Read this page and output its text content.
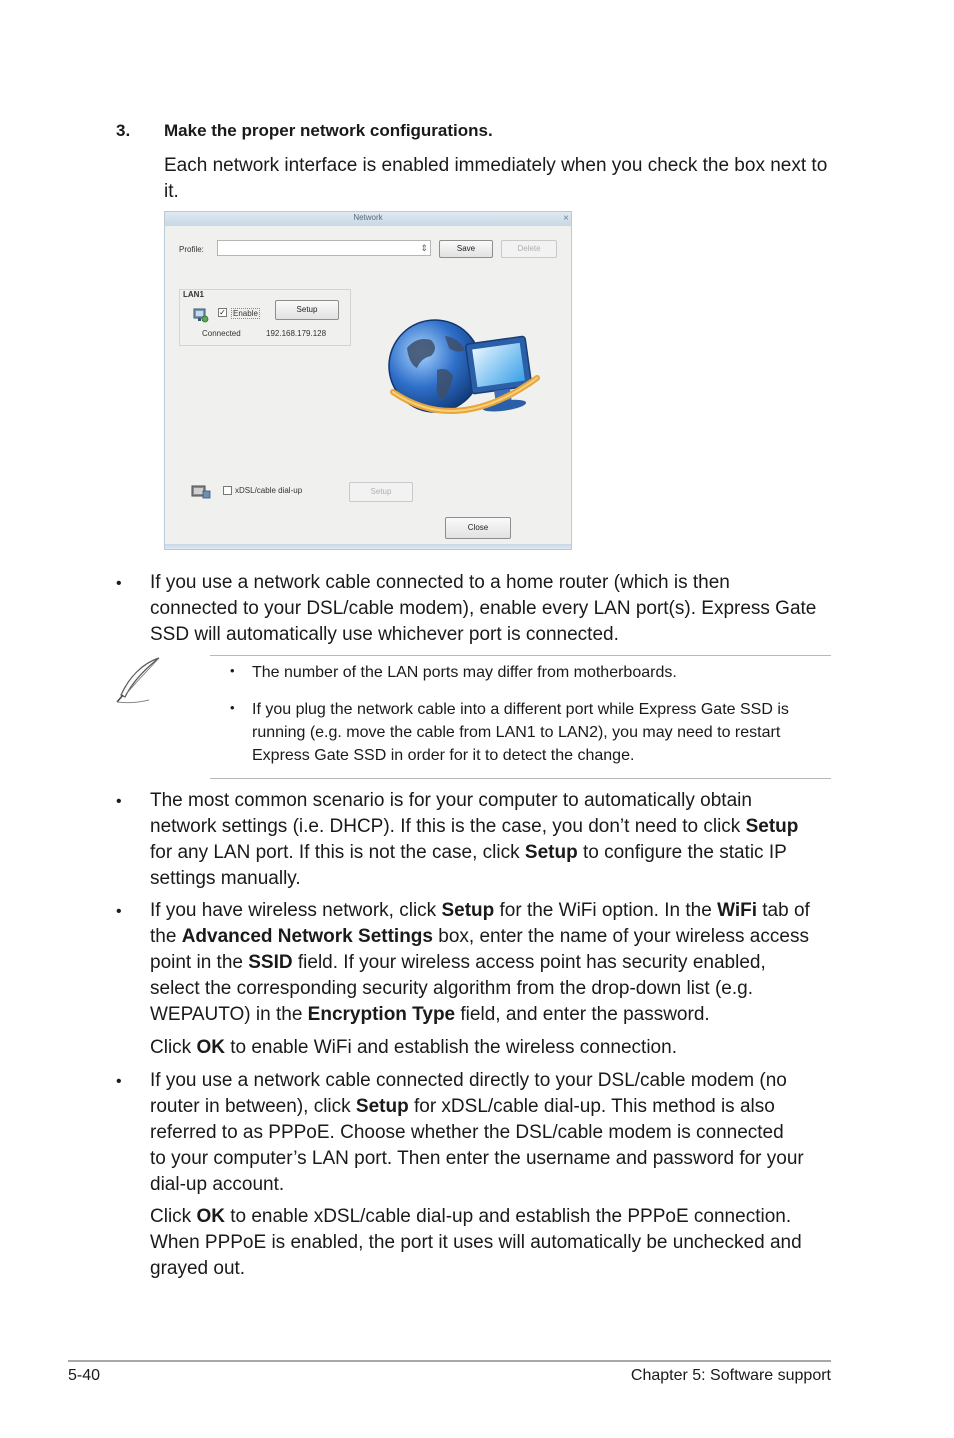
3. Make the proper network configurations.
Each network interface is enabled immediately when you check the box next to it.
Network	×
Profile:	⇕	Save	Delete
LAN1
✓ Enable	Setup
Connected	192.168.179.128
xDSL/cable dial-up	Setup
Close
• If you use a network cable connected to a home router (which is then
connected to your DSL/cable modem), enable every LAN port(s). Express Gate
SSD will automatically use whichever port is connected.
• The number of the LAN ports may differ from motherboards.
• If you plug the network cable into a different port while Express Gate SSD is
running (e.g. move the cable from LAN1 to LAN2), you may need to restart
Express Gate SSD in order for it to detect the change.
• The most common scenario is for your computer to automatically obtain
network settings (i.e. DHCP). If this is the case, you don’t need to click Setup
for any LAN port. If this is not the case, click Setup to configure the static IP
settings manually.
• If you have wireless network, click Setup for the WiFi option. In the WiFi tab of
the Advanced Network Settings box, enter the name of your wireless access
point in the SSID field. If your wireless access point has security enabled,
select the corresponding security algorithm from the drop-down list (e.g.
WEPAUTO) in the Encryption Type field, and enter the password.
Click OK to enable WiFi and establish the wireless connection.
• If you use a network cable connected directly to your DSL/cable modem (no
router in between), click Setup for xDSL/cable dial-up. This method is also
referred to as PPPoE. Choose whether the DSL/cable modem is connected
to your computer’s LAN port. Then enter the username and password for your
dial-up account.
Click OK to enable xDSL/cable dial-up and establish the PPPoE connection.
When PPPoE is enabled, the port it uses will automatically be unchecked and
grayed out.
5-40	Chapter 5: Software support
